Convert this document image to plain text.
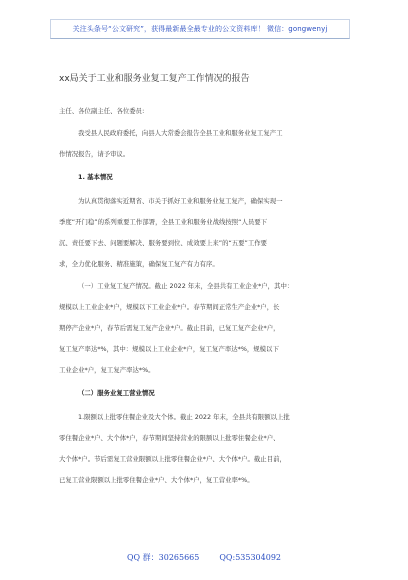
关注头条号“公文研究”，获得最新最全最专业的公文资料库！ 微信：gongwenyj
xx局关于工业和服务业复工复产工作情况的报告
主任、各位副主任、各位委员:
我受县人民政府委托，向县人大常委会报告全县工业和服务业复工复产工
作情况报告，请予审议。
1. 基本情况
为认真贯彻落实近期省、市关于抓好工业和服务业复工复产，确保实现一
季度“开门稳”的系列重要工作部署，全县工业和服务业战线按照“人员要下
沉、责任要下去、问题要解决、服务要到位、成效要上来”的“五要”工作要
求，全力优化服务、精准施策，确保复工复产有力有序。
（一）工业复工复产情况。截止 2022 年末，全县共有工业企业*户，其中：
规模以上工业企业*户，规模以下工业企业*户。春节期间正常生产企业*户，长
期停产企业*户，春节后需复工复产企业*户。截止目前，已复工复产企业*户，
复工复产率达*%，其中：规模以上工业企业*户，复工复产率达*%，规模以下
工业企业*户，复工复产率达*%。
（二）服务业复工营业情况
1.限额以上批零住餐企业及大个体。截止 2022 年末，全县共有限额以上批
零住餐企业*户、大个体*户，春节期间坚持营业的限额以上批零住餐企业*户、
大个体*户。节后需复工营业限额以上批零住餐企业*户、大个体*户。截止目前，
已复工营业限额以上批零住餐企业*户、大个体*户，复工营业率*%。
QQ 群：30265665	QQ:535304092
